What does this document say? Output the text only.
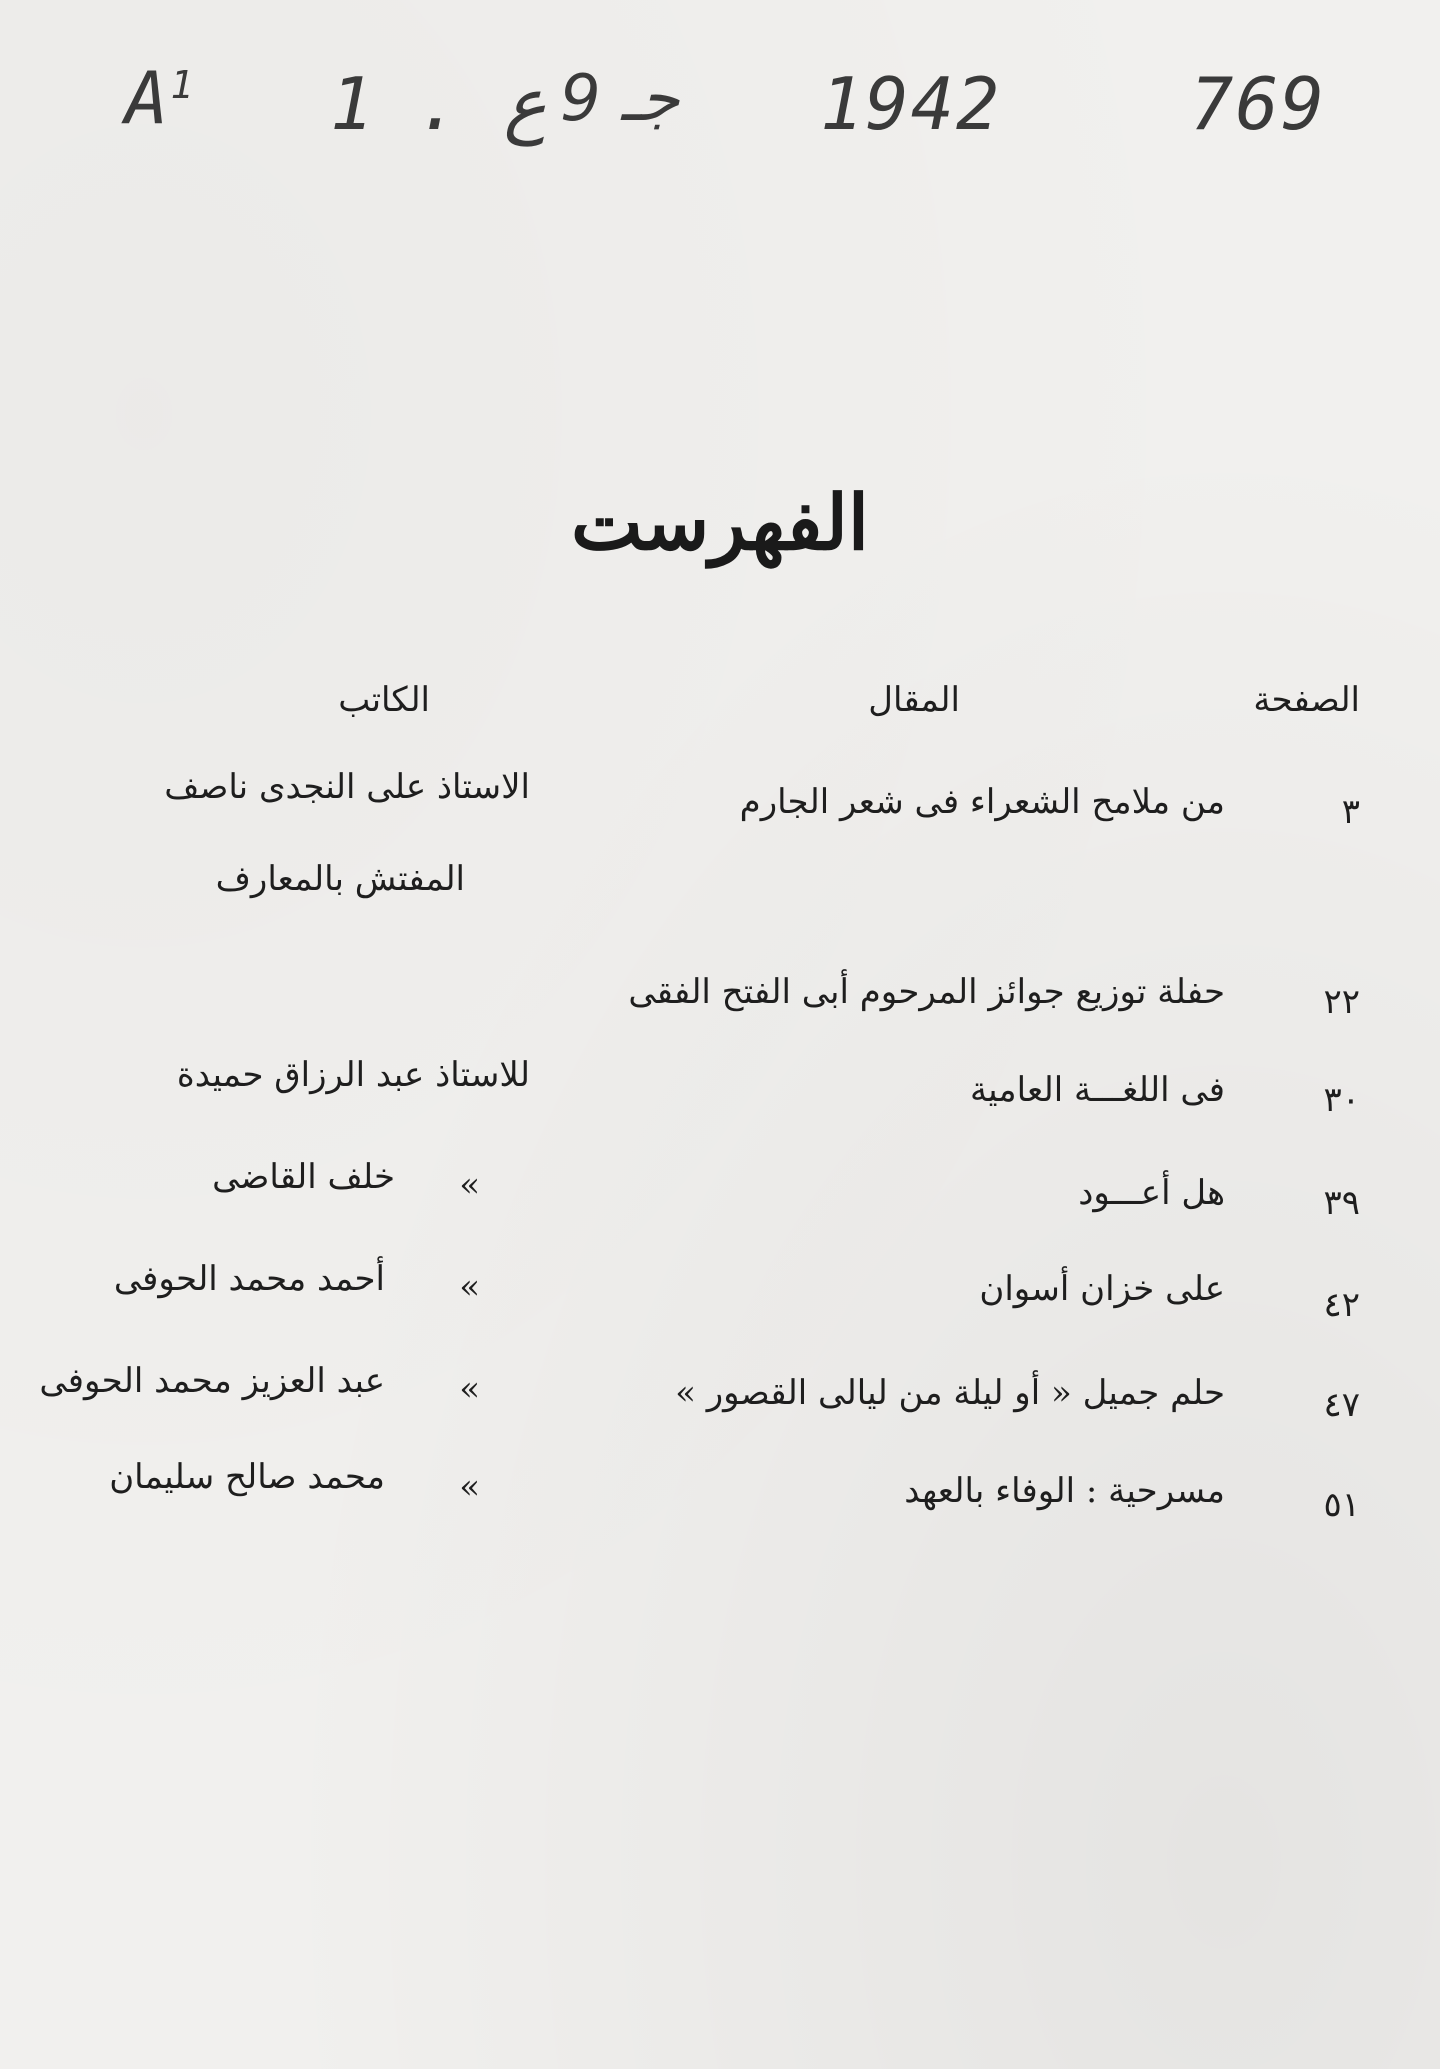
$A^1$ 1 . ع 9 جـ 1942	769
الفهرست
الصفحة
المقال
الكاتب
٣
من ملامح الشعراء فى شعر الجارم
الاستاذ على النجدى ناصف
المفتش بالمعارف
٢٢
حفلة توزيع جوائز المرحوم أبى الفتح الفقى
٣٠
فى اللغـــة العامية
للاستاذ عبد الرزاق حميدة
٣٩
هل أعـــود
»
خلف القاضى
٤٢
على خزان أسوان
»
أحمد محمد الحوفى
٤٧
حلم جميل « أو ليلة من ليالى القصور »
»
عبد العزيز محمد الحوفى
٥١
مسرحية : الوفاء بالعهد
»
محمد صالح سليمان
